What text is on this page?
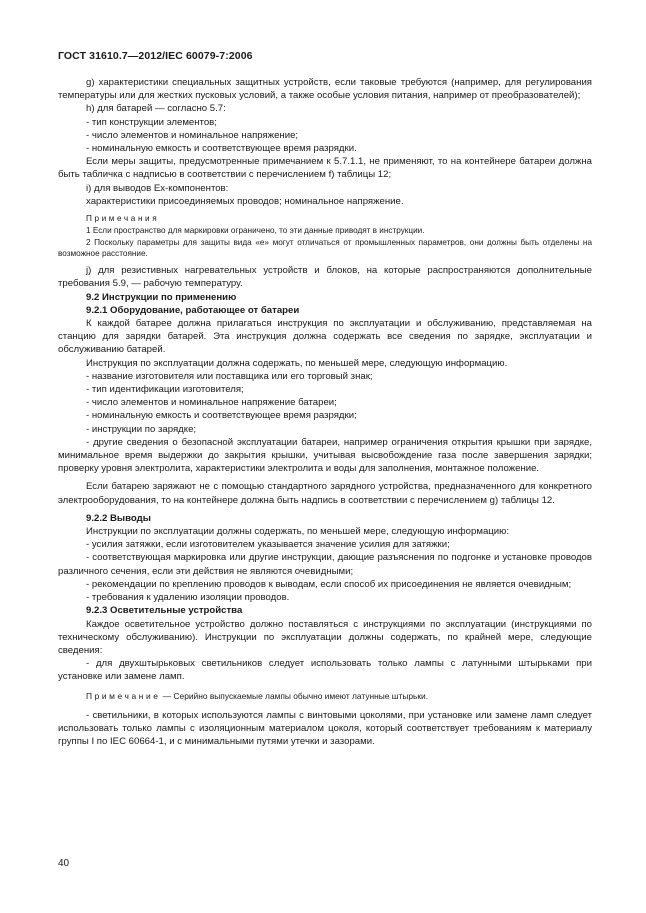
ГОСТ 31610.7—2012/IEC 60079-7:2006

g) характеристики специальных защитных устройств, если таковые требуются (например, для регулирования температуры или для жестких пусковых условий, а также особые условия питания, например от преобразователей);

h) для батарей — согласно 5.7:

- тип конструкции элементов;

- число элементов и номинальное напряжение;

- номинальную емкость и соответствующее время разрядки.

Если меры защиты, предусмотренные примечанием к 5.7.1.1, не применяют, то на контейнере батареи должна быть табличка с надписью в соответствии с перечислением f) таблицы 12;

i) для выводов Ex-компонентов:

характеристики присоединяемых проводов; номинальное напряжение.

Примечания

1 Если пространство для маркировки ограничено, то эти данные приводят в инструкции.

2 Поскольку параметры для защиты вида «е» могут отличаться от промышленных параметров, они должны быть отделены на возможное расстояние.

j) для резистивных нагревательных устройств и блоков, на которые распространяются дополнительные требования 5.9, — рабочую температуру.

9.2 Инструкции по применению

9.2.1 Оборудование, работающее от батареи

К каждой батарее должна прилагаться инструкция по эксплуатации и обслуживанию, представляемая на станцию для зарядки батарей. Эта инструкция должна содержать все сведения по зарядке, эксплуатации и обслуживанию батарей.

Инструкция по эксплуатации должна содержать, по меньшей мере, следующую информацию.

- название изготовителя или поставщика или его торговый знак;

- тип идентификации изготовителя;

- число элементов и номинальное напряжение батареи;

- номинальную емкость и соответствующее время разрядки;

- инструкции по зарядке;

- другие сведения о безопасной эксплуатации батареи, например ограничения открытия крышки при зарядке, минимальное время выдержки до закрытия крышки, учитывая высвобождение газа после завершения зарядки; проверку уровня электролита, характеристики электролита и воды для заполнения, монтажное положение.

Если батарею заряжают не с помощью стандартного зарядного устройства, предназначенного для конкретного электрооборудования, то на контейнере должна быть надпись в соответствии с перечислением g) таблицы 12.

9.2.2 Выводы

Инструкции по эксплуатации должны содержать, по меньшей мере, следующую информацию:

- усилия затяжки, если изготовителем указывается значение усилия для затяжки;

- соответствующая маркировка или другие инструкции, дающие разъяснения по подгонке и установке проводов различного сечения, если эти действия не являются очевидными;

- рекомендации по креплению проводов к выводам, если способ их присоединения не является очевидным;

- требования к удалению изоляции проводов.

9.2.3 Осветительные устройства

Каждое осветительное устройство должно поставляться с инструкциями по эксплуатации (инструкциями по техническому обслуживанию). Инструкции по эксплуатации должны содержать, по крайней мере, следующие сведения:

- для двухштырьковых светильников следует использовать только лампы с латунными штырьками при установке или замене ламп.

Примечание — Серийно выпускаемые лампы обычно имеют латунные штырьки.

- светильники, в которых используются лампы с винтовыми цоколями, при установке или замене ламп следует использовать только лампы с изоляционным материалом цоколя, который соответствует требованиям к материалу группы I по IEC 60664-1, и с минимальными путями утечки и зазорами.

40
